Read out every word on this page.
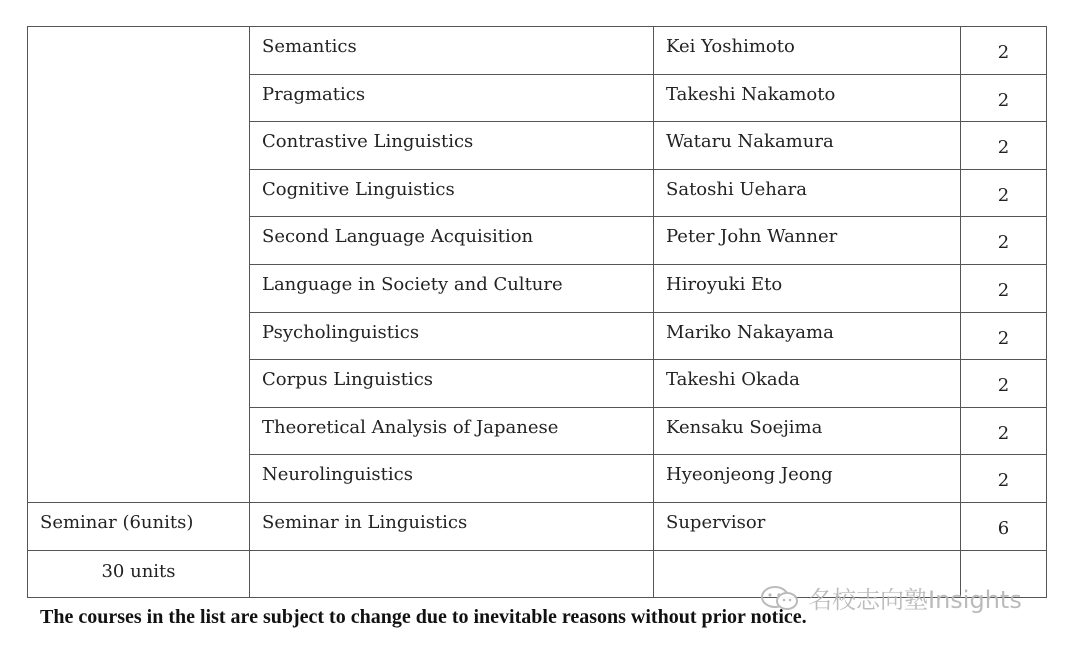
	Semantics	Kei Yoshimoto	2
	Pragmatics	Takeshi Nakamoto	2
	Contrastive Linguistics	Wataru Nakamura	2
	Cognitive Linguistics	Satoshi Uehara	2
	Second Language Acquisition	Peter John Wanner	2
	Language in Society and Culture	Hiroyuki Eto	2
	Psycholinguistics	Mariko Nakayama	2
	Corpus Linguistics	Takeshi Okada	2
	Theoretical Analysis of Japanese	Kensaku Soejima	2
	Neurolinguistics	Hyeonjeong Jeong	2
Seminar (6units)	Seminar in Linguistics	Supervisor	6
30 units			
名校志向塾Insights

The courses in the list are subject to change due to inevitable reasons without prior notice.
